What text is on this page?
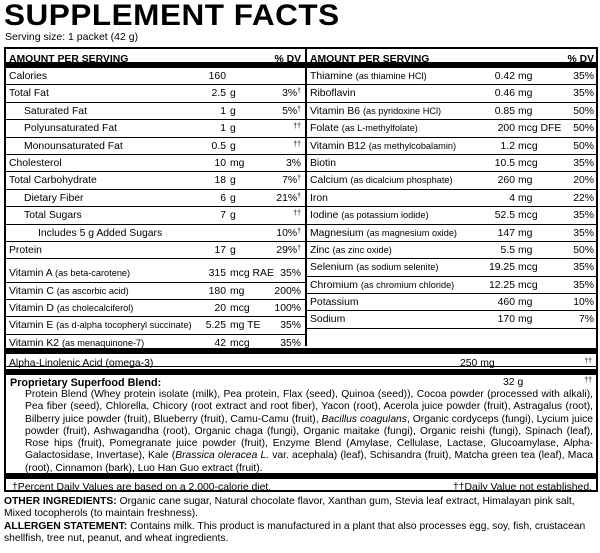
SUPPLEMENT FACTS
Serving size: 1 packet (42 g)
AMOUNT PER SERVING	% DV
Calories	160
Total Fat	2.5 g	3%†
Saturated Fat	1 g	5%†
Polyunsaturated Fat	1 g	††
Monounsaturated Fat	0.5 g	††
Cholesterol	10 mg	3%
Total Carbohydrate	18 g	7%†
Dietary Fiber	6 g	21%†
Total Sugars	7 g	††
Includes 5 g Added Sugars	10%†
Protein	17 g	29%†
Vitamin A (as beta-carotene)	315 mcg RAE 35%
Vitamin C (as ascorbic acid)	180 mg	200%
Vitamin D (as cholecalciferol)	20 mcg 100%
Vitamin E (as d-alpha tocopheryl succinate)	5.25 mg TE 35%
Vitamin K2 (as menaquinone-7)	42 mcg	35%
AMOUNT PER SERVING	% DV
Thiamine (as thiamine HCl)	0.42 mg	35%
Riboflavin	0.46 mg	35%
Vitamin B6 (as pyridoxine HCl)	0.85 mg	50%
Folate (as L-methylfolate)	200 mcg DFE 50%
Vitamin B12 (as methylcobalamin)	1.2 mcg	50%
Biotin	10.5 mcg	35%
Calcium (as dicalcium phosphate)	260 mg	20%
Iron	4 mg	22%
Iodine (as potassium iodide)	52.5 mcg	35%
Magnesium (as magnesium oxide)	147 mg	35%
Zinc (as zinc oxide)	5.5 mg	50%
Selenium (as sodium selenite)	19.25 mcg	35%
Chromium (as chromium chloride)	12.25 mcg	35%
Potassium	460 mg	10%
Sodium	170 mg	7%
Alpha-Linolenic Acid (omega-3)	250 mg	††
Proprietary Superfood Blend:	32 g	††
Protein Blend (Whey protein isolate (milk), Pea protein, Flax (seed), Quinoa (seed)), Cocoa powder (processed with alkali), Pea fiber (seed), Chlorella, Chicory (root extract and root fiber), Yacon (root), Acerola juice powder (fruit), Astragalus (root), Bilberry juice powder (fruit), Blueberry (fruit), Camu-Camu (fruit), Bacillus coagulans, Organic cordyceps (fungi), Lycium juice powder (fruit), Ashwagandha (root), Organic chaga (fungi), Organic maitake (fungi), Organic reishi (fungi), Spinach (leaf), Rose hips (fruit), Pomegranate juice powder (fruit), Enzyme Blend (Amylase, Cellulase, Lactase, Glucoamylase, Alpha-Galactosidase, Invertase), Kale (Brassica oleracea L. var. acephala) (leaf), Schisandra (fruit), Matcha green tea (leaf), Maca (root), Cinnamon (bark), Luo Han Guo extract (fruit).
†Percent Daily Values are based on a 2,000-calorie diet.	††Daily Value not established.
OTHER INGREDIENTS: Organic cane sugar, Natural chocolate flavor, Xanthan gum, Stevia leaf extract, Himalayan pink salt, Mixed tocopherols (to maintain freshness).
ALLERGEN STATEMENT: Contains milk. This product is manufactured in a plant that also processes egg, soy, fish, crustacean shellfish, tree nut, peanut, and wheat ingredients.
